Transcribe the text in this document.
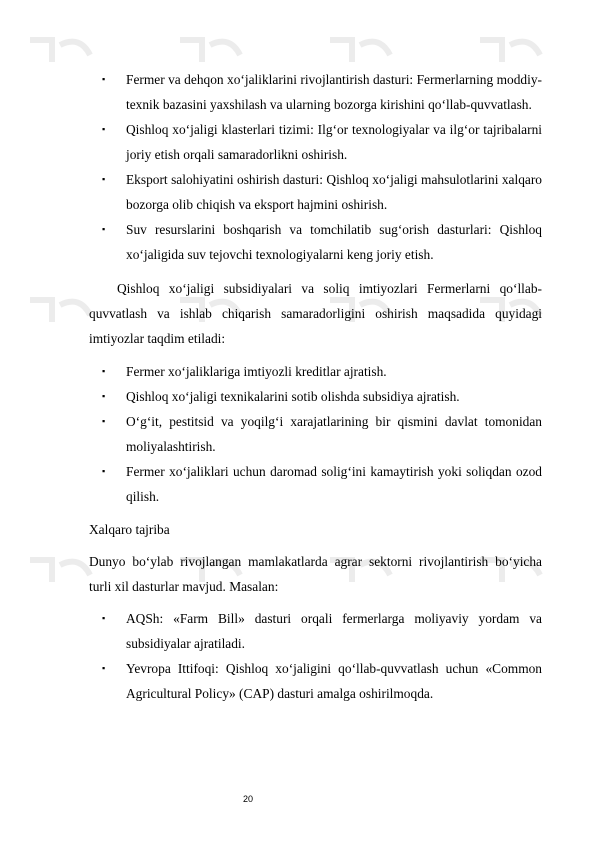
▪ Fermer va dehqon xo‘jaliklarini rivojlantirish dasturi: Fermerlarning moddiy-texnik bazasini yaxshilash va ularning bozorga kirishini qo‘llab-quvvatlash.
▪ Qishloq xo‘jaligi klasterlari tizimi: Ilg‘or texnologiyalar va ilg‘or tajribalarni joriy etish orqali samaradorlikni oshirish.
▪ Eksport salohiyatini oshirish dasturi: Qishloq xo‘jaligi mahsulotlarini xalqaro bozorga olib chiqish va eksport hajmini oshirish.
▪ Suv resurslarini boshqarish va tomchilatib sug‘orish dasturlari: Qishloq xo‘jaligida suv tejovchi texnologiyalarni keng joriy etish.

Qishloq xo‘jaligi subsidiyalari va soliq imtiyozlari Fermerlarni qo‘llab-quvvatlash va ishlab chiqarish samaradorligini oshirish maqsadida quyidagi imtiyozlar taqdim etiladi:

▪ Fermer xo‘jaliklariga imtiyozli kreditlar ajratish.
▪ Qishloq xo‘jaligi texnikalarini sotib olishda subsidiya ajratish.
▪ O‘g‘it, pestitsid va yoqilg‘i xarajatlarining bir qismini davlat tomonidan moliyalashtirish.
▪ Fermer xo‘jaliklari uchun daromad solig‘ini kamaytirish yoki soliqdan ozod qilish.

Xalqaro tajriba

Dunyo bo‘ylab rivojlangan mamlakatlarda agrar sektorni rivojlantirish bo‘yicha turli xil dasturlar mavjud. Masalan:

▪ AQSh: «Farm Bill» dasturi orqali fermerlarga moliyaviy yordam va subsidiyalar ajratiladi.
▪ Yevropa Ittifoqi: Qishloq xo‘jaligini qo‘llab-quvvatlash uchun «Common Agricultural Policy» (CAP) dasturi amalga oshirilmoqda.
20
